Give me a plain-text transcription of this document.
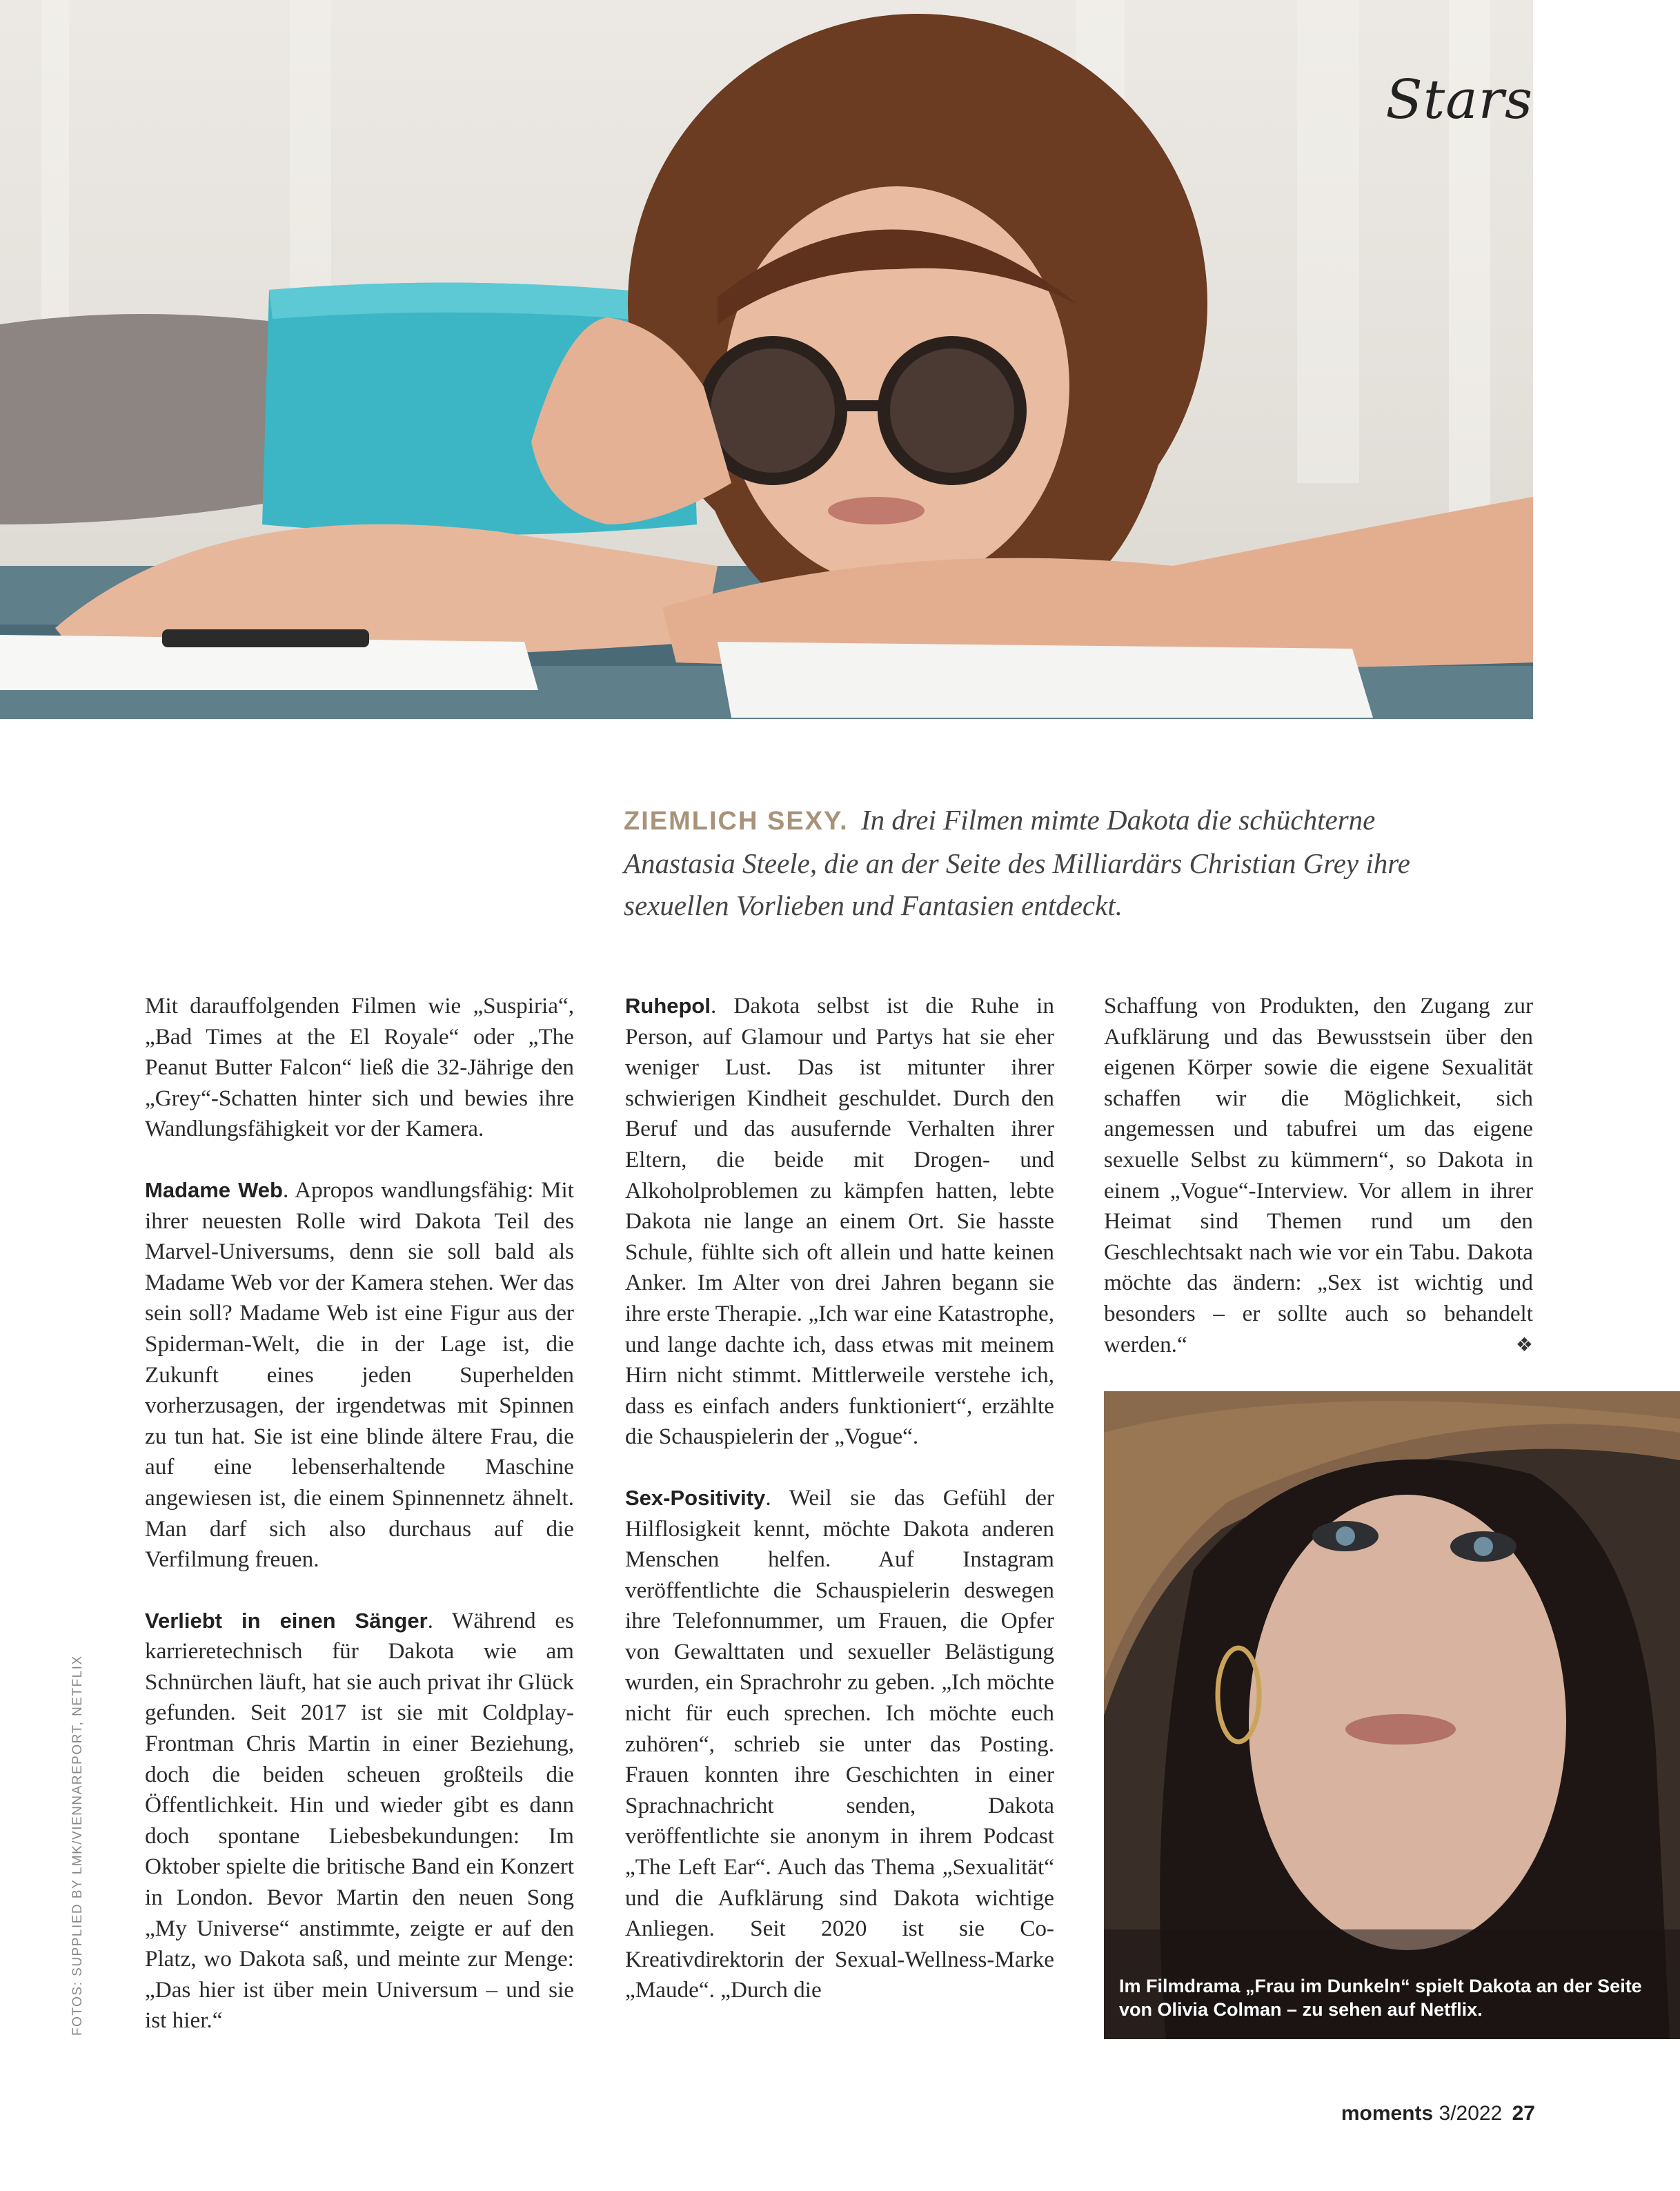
Stars
ZIEMLICH SEXY. In drei Filmen mimte Dakota die schüchterne Anastasia Steele, die an der Seite des Milliardärs Christian Grey ihre sexuellen Vorlieben und Fantasien entdeckt.

Mit darauffolgenden Filmen wie „Suspiria“, „Bad Times at the El Royale“ oder „The Peanut Butter Falcon“ ließ die 32-Jährige den „Grey“-Schatten hinter sich und bewies ihre Wandlungsfähigkeit vor der Kamera.

Madame Web. Apropos wandlungsfähig: Mit ihrer neuesten Rolle wird Dakota Teil des Marvel-Universums, denn sie soll bald als Madame Web vor der Kamera stehen. Wer das sein soll? Madame Web ist eine Figur aus der Spiderman-Welt, die in der Lage ist, die Zukunft eines jeden Superhelden vorherzusagen, der irgendetwas mit Spinnen zu tun hat. Sie ist eine blinde ältere Frau, die auf eine lebenserhaltende Maschine angewiesen ist, die einem Spinnennetz ähnelt. Man darf sich also durchaus auf die Verfilmung freuen.

Verliebt in einen Sänger. Während es karrieretechnisch für Dakota wie am Schnürchen läuft, hat sie auch privat ihr Glück gefunden. Seit 2017 ist sie mit Coldplay-Frontman Chris Martin in einer Beziehung, doch die beiden scheuen großteils die Öffentlichkeit. Hin und wieder gibt es dann doch spontane Liebesbekundungen: Im Oktober spielte die britische Band ein Konzert in London. Bevor Martin den neuen Song „My Universe“ anstimmte, zeigte er auf den Platz, wo Dakota saß, und meinte zur Menge: „Das hier ist über mein Universum – und sie ist hier.“

Ruhepol. Dakota selbst ist die Ruhe in Person, auf Glamour und Partys hat sie eher weniger Lust. Das ist mitunter ihrer schwierigen Kindheit geschuldet. Durch den Beruf und das ausufernde Verhalten ihrer Eltern, die beide mit Drogen- und Alkoholproblemen zu kämpfen hatten, lebte Dakota nie lange an einem Ort. Sie hasste Schule, fühlte sich oft allein und hatte keinen Anker. Im Alter von drei Jahren begann sie ihre erste Therapie. „Ich war eine Katastrophe, und lange dachte ich, dass etwas mit meinem Hirn nicht stimmt. Mittlerweile verstehe ich, dass es einfach anders funktioniert“, erzählte die Schauspielerin der „Vogue“.

Sex-Positivity. Weil sie das Gefühl der Hilflosigkeit kennt, möchte Dakota anderen Menschen helfen. Auf Instagram veröffentlichte die Schauspielerin deswegen ihre Telefonnummer, um Frauen, die Opfer von Gewalttaten und sexueller Belästigung wurden, ein Sprachrohr zu geben. „Ich möchte nicht für euch sprechen. Ich möchte euch zuhören“, schrieb sie unter das Posting. Frauen konnten ihre Geschichten in einer Sprachnachricht senden, Dakota veröffentlichte sie anonym in ihrem Podcast „The Left Ear“. Auch das Thema „Sexualität“ und die Aufklärung sind Dakota wichtige Anliegen. Seit 2020 ist sie Co-Kreativdirektorin der Sexual-Wellness-Marke „Maude“. „Durch die

Schaffung von Produkten, den Zugang zur Aufklärung und das Bewusstsein über den eigenen Körper sowie die eigene Sexualität schaffen wir die Möglichkeit, sich angemessen und tabufrei um das eigene sexuelle Selbst zu kümmern“, so Dakota in einem „Vogue“-Interview. Vor allem in ihrer Heimat sind Themen rund um den Geschlechtsakt nach wie vor ein Tabu. Dakota möchte das ändern: „Sex ist wichtig und besonders – er sollte auch so behandelt werden.“	❖

FOTOS: SUPPLIED BY LMK/VIENNAREPORT, NETFLIX	Im Filmdrama „Frau im Dunkeln“ spielt Dakota an der Seite von Olivia Colman – zu sehen auf Netflix.
moments 3/2022 27
